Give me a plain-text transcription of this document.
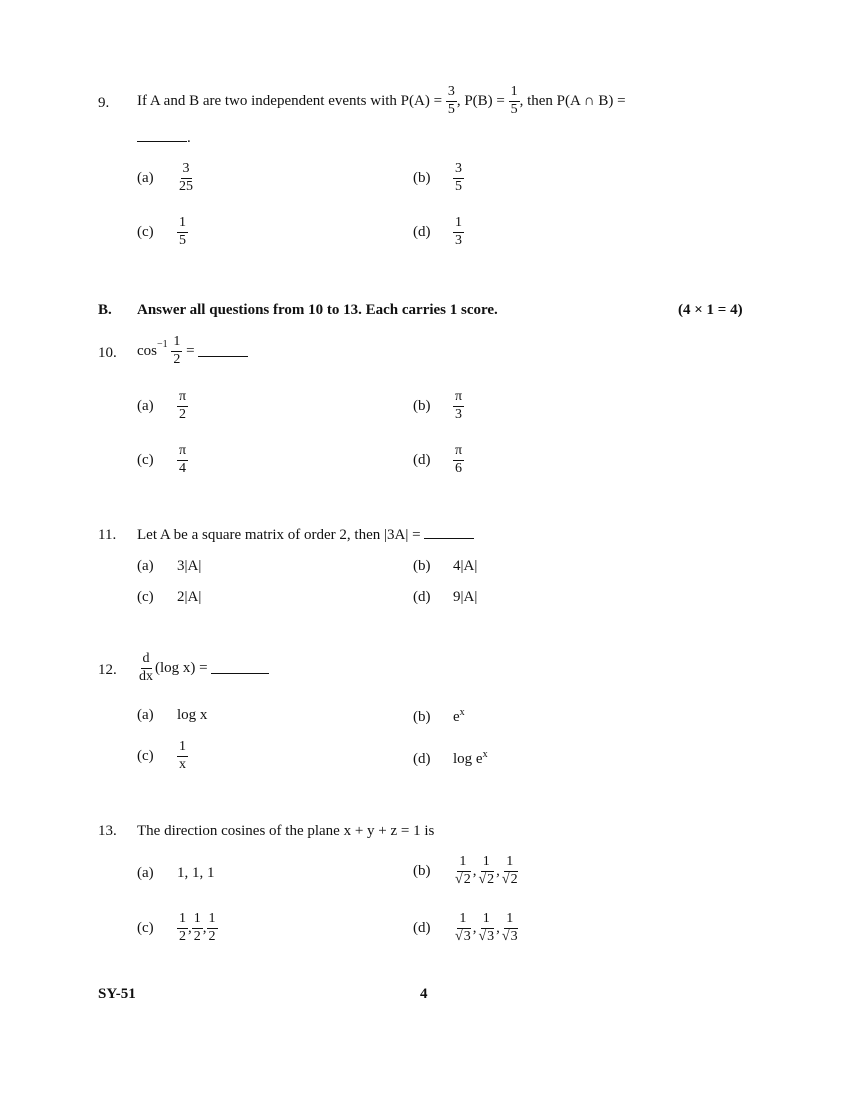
9. If A and B are two independent events with P(A) =
$\frac{3}{5}$ , P(B) =
$\frac{1}{5}$ , then P(A ∩ B) =
.
(a)	$\frac{3}{25}$	(b)	$\frac{3}{5}$
(c)	$\frac{1}{5}$	(d)	$\frac{1}{3}$
B. Answer all questions from 10 to 13. Each carries 1 score.	(4 × 1 = 4)
10. $\cos^{-1}$
$\frac{1}{2}$
=

(a)	$\frac{\pi}{2}$	(b)	$\frac{\pi}{3}$
(c)	$\frac{\pi}{4}$	(d)	$\frac{\pi}{6}$
11. Let A be a square matrix of order 2, then |3A| =
(a) 3|A|	(b) 4|A|
(c) 2|A|	(d) 9|A|
12. $\frac{d}{dx} (\log$ x) =

(a) log x	(b) $e^x$
(c)	$\frac{1}{x}$	(d) $\log e^x$
13. The direction cosines of the plane x + y + z = 1 is
(a) 1, 1, 1	(b)	$\frac{1}{√2}$ , $\frac{1}{√2}$ , $\frac{1}{√2}$
(c)	$\frac{1}{2}$ , $\frac{1}{2}$ , $\frac{1}{2}$	(d)	$\frac{1}{√3}$ , $\frac{1}{√3}$ , $\frac{1}{√3}$
SY-51	4
